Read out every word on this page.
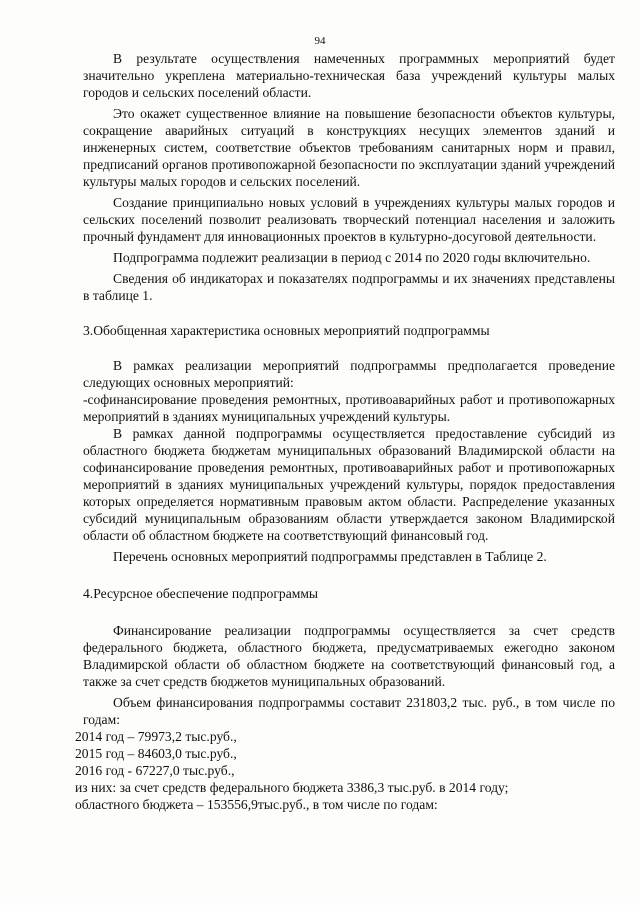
94

В результате осуществления намеченных программных мероприятий будет значительно укреплена материально-техническая база учреждений культуры малых городов и сельских поселений области.

Это окажет существенное влияние на повышение безопасности объектов культуры, сокращение аварийных ситуаций в конструкциях несущих элементов зданий и инженерных систем, соответствие объектов требованиям санитарных норм и правил, предписаний органов противопожарной безопасности по эксплуатации зданий учреждений культуры малых городов и сельских поселений.

Создание принципиально новых условий в учреждениях культуры малых городов и сельских поселений позволит реализовать творческий потенциал населения и заложить прочный фундамент для инновационных проектов в культурно-досуговой деятельности.

Подпрограмма подлежит реализации в период с 2014 по 2020 годы включительно.

Сведения об индикаторах и показателях подпрограммы и их значениях представлены в таблице 1.

3.Обобщенная характеристика основных мероприятий подпрограммы

В рамках реализации мероприятий подпрограммы предполагается проведение следующих основных мероприятий:

-софинансирование проведения ремонтных, противоаварийных работ и противопожарных мероприятий в зданиях муниципальных учреждений культуры.

В рамках данной подпрограммы осуществляется предоставление субсидий из областного бюджета бюджетам муниципальных образований Владимирской области на софинансирование проведения ремонтных, противоаварийных работ и противопожарных мероприятий в зданиях муниципальных учреждений культуры, порядок предоставления которых определяется нормативным правовым актом области. Распределение указанных субсидий муниципальным образованиям области утверждается законом Владимирской области об областном бюджете на соответствующий финансовый год.

Перечень основных мероприятий подпрограммы представлен в Таблице 2.

4.Ресурсное обеспечение подпрограммы

Финансирование реализации подпрограммы осуществляется за счет средств федерального бюджета, областного бюджета, предусматриваемых ежегодно законом Владимирской области об областном бюджете на соответствующий финансовый год, а также за счет средств бюджетов муниципальных образований.

Объем финансирования подпрограммы составит 231803,2 тыс. руб., в том числе по годам:

2014 год – 79973,2 тыс.руб.,

2015 год – 84603,0 тыс.руб.,

2016 год - 67227,0 тыс.руб.,

из них: за счет средств федерального бюджета 3386,3 тыс.руб. в 2014 году;

областного бюджета – 153556,9тыс.руб., в том числе по годам:
